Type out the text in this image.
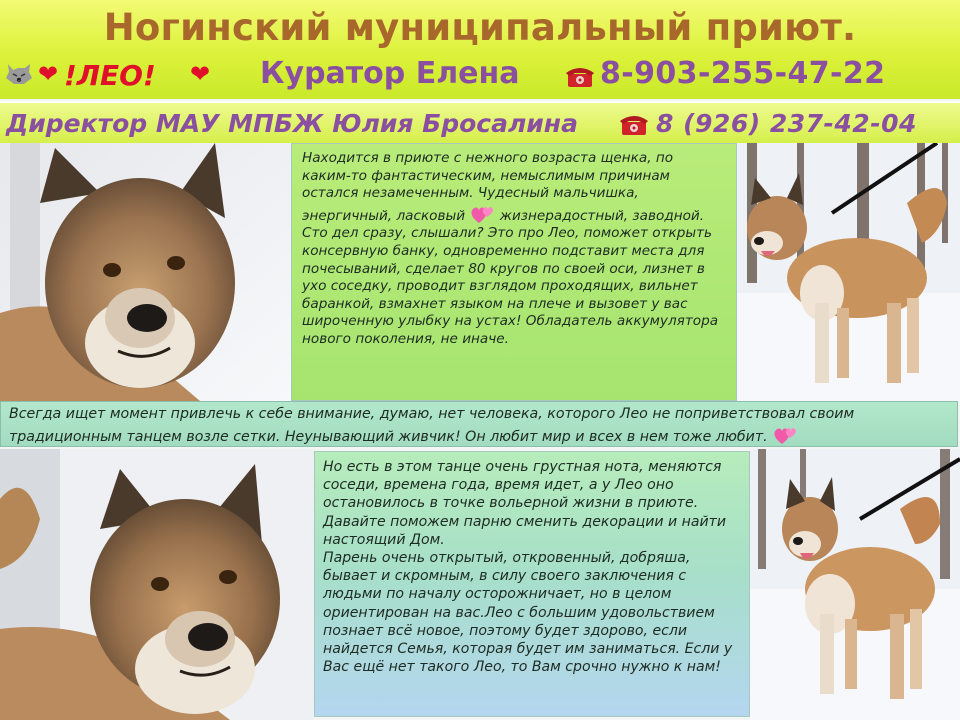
Ногинский муниципальный приют.
❤ !ЛЕО! ❤ Куратор Елена	8-903-255-47-22
Директор МАУ МПБЖ Юлия Бросалина	8 (926) 237-42-04

Находится в приюте с нежного возраста щенка, по каким-то фантастическим, немыслимым причинам остался незамеченным. Чудесный мальчишка, энергичный, ласковый	жизнерадостный, заводной. Сто дел сразу, слышали? Это про Лео, поможет открыть консервную банку, одновременно подставит места для почесываний, сделает 80 кругов по своей оси, лизнет в ухо соседку, проводит взглядом проходящих, вильнет баранкой, взмахнет языком на плече и вызовет у вас широченную улыбку на устах! Обладатель аккумулятора нового поколения, не иначе.

Всегда ищет момент привлечь к себе внимание, думаю, нет человека, которого Лео не поприветствовал своим традиционным танцем возле сетки. Неунывающий живчик! Он любит мир и всех в нем тоже любит.

Но есть в этом танце очень грустная нота, меняются соседи, времена года, время идет, а у Лео оно остановилось в точке вольерной жизни в приюте. Давайте поможем парню сменить декорации и найти настоящий Дом.

Парень очень открытый, откровенный, добряша, бывает и скромным, в силу своего заключения с людьми по началу осторожничает, но в целом ориентирован на вас.Лео с большим удовольствием познает всё новое, поэтому будет здорово, если найдется Семья, которая будет им заниматься. Если у Вас ещё нет такого Лео, то Вам срочно нужно к нам!
